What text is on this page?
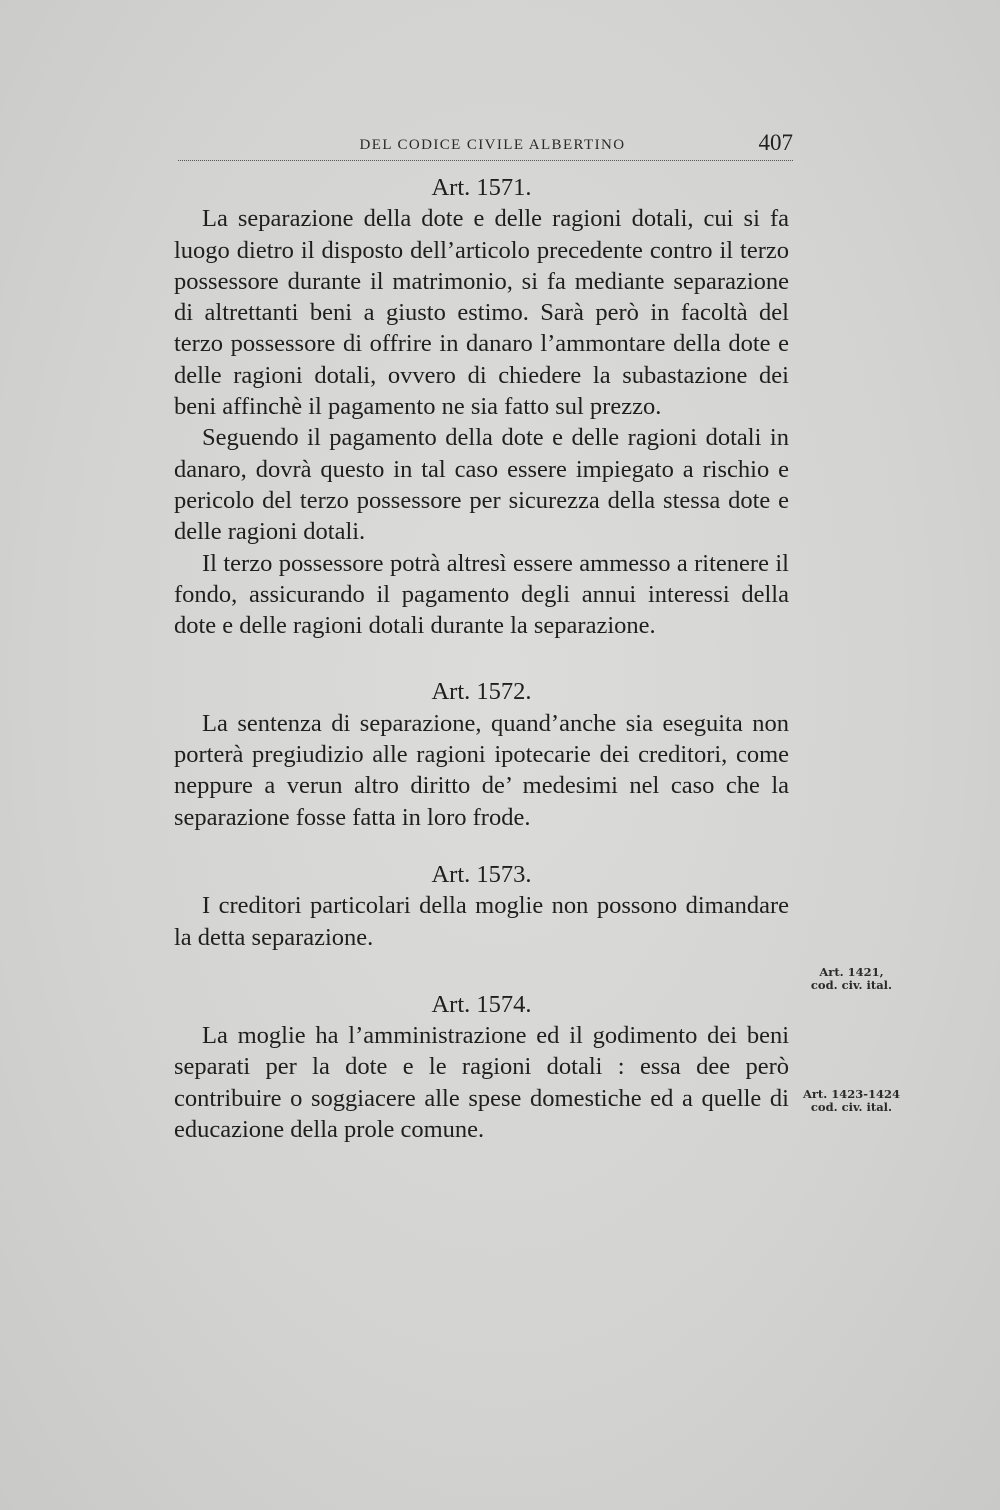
DEL CODICE CIVILE ALBERTINO	407
Art. 1571.

La separazione della dote e delle ragioni dotali, cui si fa luogo dietro il disposto dell’articolo precedente contro il terzo possessore durante il matrimonio, si fa mediante separazione di altrettanti beni a giusto estimo. Sarà però in facoltà del terzo possessore di offrire in danaro l’ammontare della dote e delle ragioni dotali, ovvero di chiedere la subastazione dei beni affinchè il pagamento ne sia fatto sul prezzo.

Seguendo il pagamento della dote e delle ragioni dotali in danaro, dovrà questo in tal caso essere impiegato a rischio e pericolo del terzo possessore per sicurezza della stessa dote e delle ragioni dotali.

Il terzo possessore potrà altresì essere ammesso a ritenere il fondo, assicurando il pagamento degli annui interessi della dote e delle ragioni dotali durante la separazione.

Art. 1572.

La sentenza di separazione, quand’anche sia eseguita non porterà pregiudizio alle ragioni ipotecarie dei creditori, come neppure a verun altro diritto de’ medesimi nel caso che la separazione fosse fatta in loro frode.

Art. 1573.

I creditori particolari della moglie non possono dimandare la detta separazione.

Art. 1574.

La moglie ha l’amministrazione ed il godimento dei beni separati per la dote e le ragioni dotali : essa dee però contribuire o soggiacere alle spese domestiche ed a quelle di educazione della prole comune.

Art. 1421,
cod. civ. ital.
Art. 1423-1424
cod. civ. ital.
